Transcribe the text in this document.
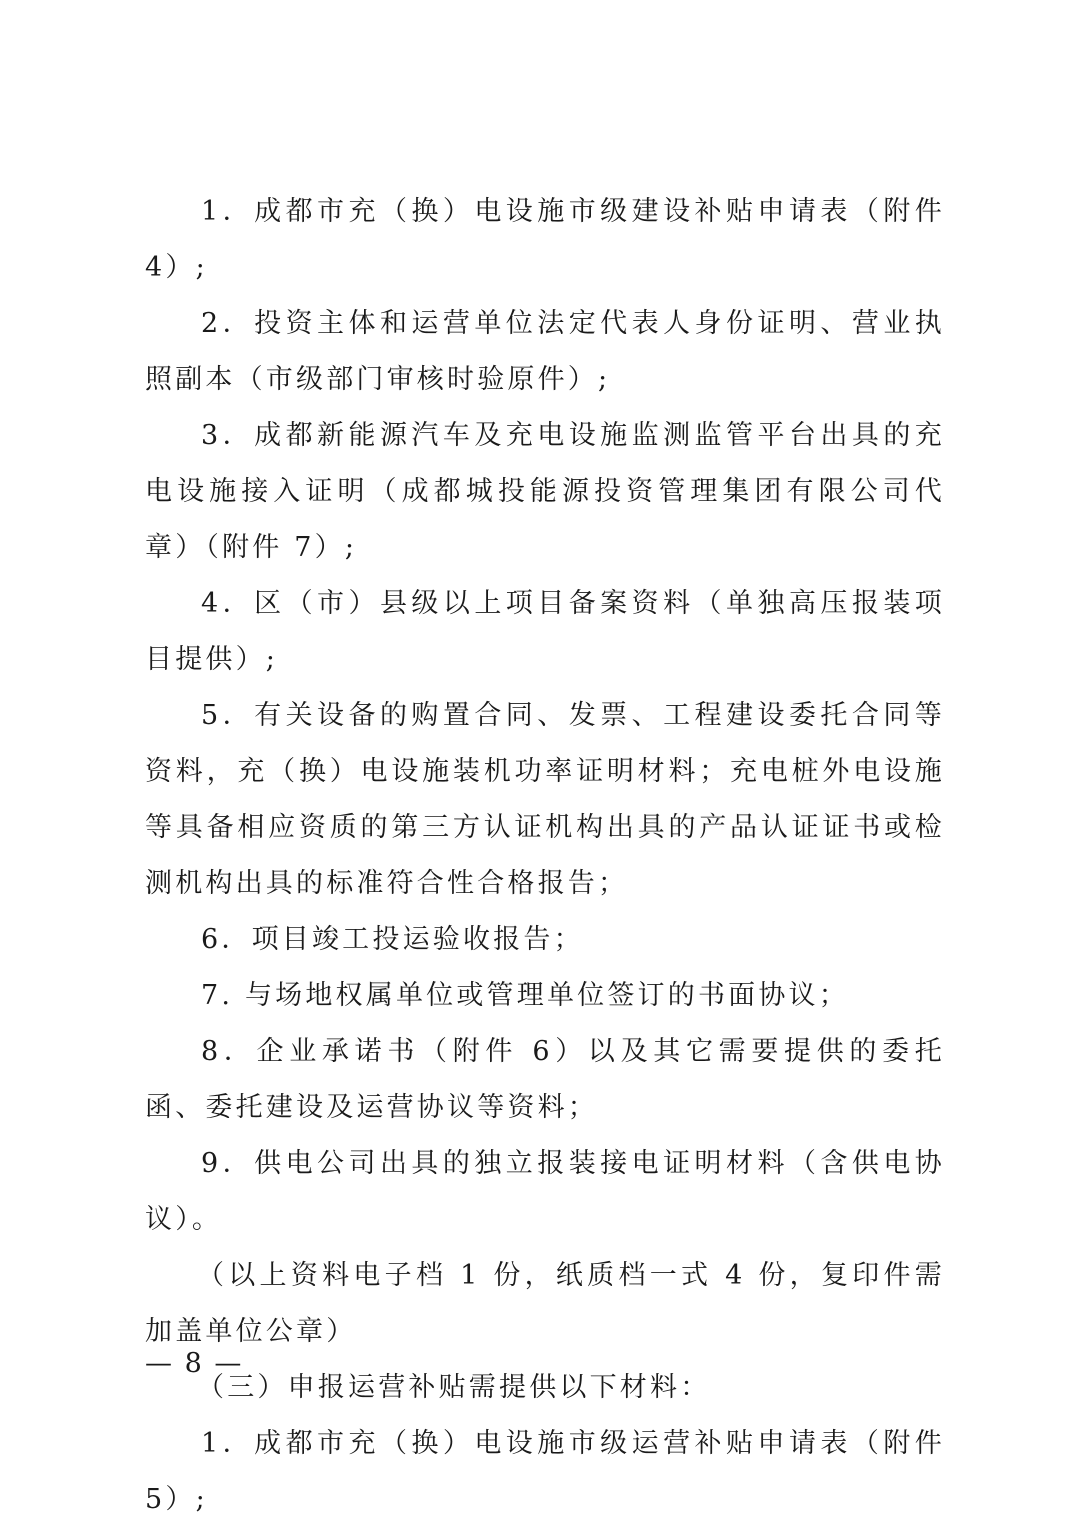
1．成都市充（换）电设施市级建设补贴申请表（附件 4）;

2．投资主体和运营单位法定代表人身份证明、营业执照副本（市级部门审核时验原件）;

3．成都新能源汽车及充电设施监测监管平台出具的充电设施接入证明（成都城投能源投资管理集团有限公司代章）（附件 7）;

4．区（市）县级以上项目备案资料（单独高压报装项目提供）;

5．有关设备的购置合同、发票、工程建设委托合同等资料，充（换）电设施装机功率证明材料；充电桩外电设施等具备相应资质的第三方认证机构出具的产品认证证书或检测机构出具的标准符合性合格报告；

6．项目竣工投运验收报告；

7. 与场地权属单位或管理单位签订的书面协议；

8．企业承诺书（附件 6）以及其它需要提供的委托函、委托建设及运营协议等资料；

9．供电公司出具的独立报装接电证明材料（含供电协议）。

（以上资料电子档 1 份，纸质档一式 4 份，复印件需加盖单位公章）

（三）申报运营补贴需提供以下材料：

1．成都市充（换）电设施市级运营补贴申请表（附件 5）;

— 8 —
